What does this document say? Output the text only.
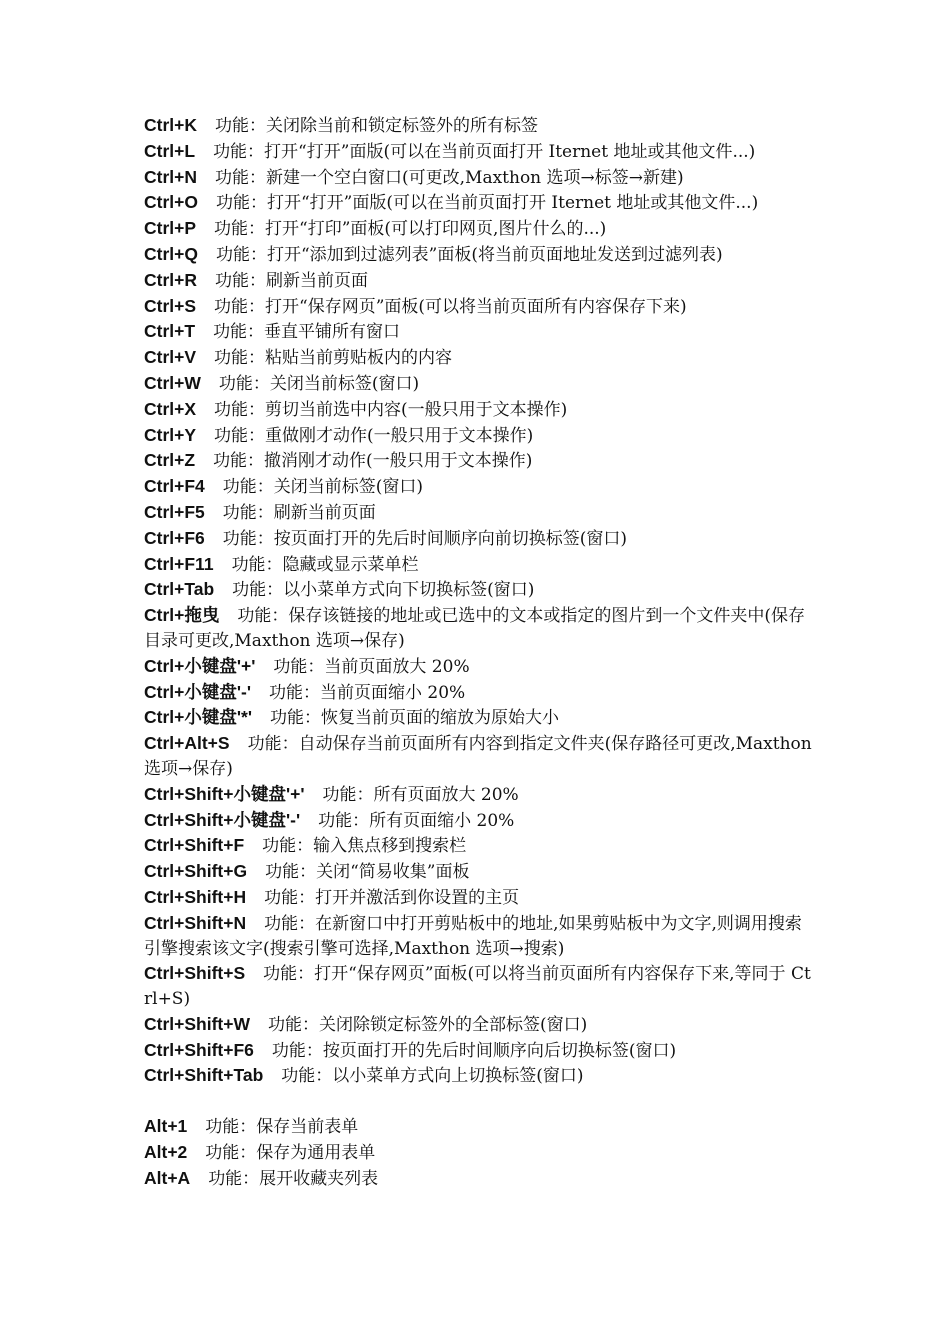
Ctrl+K 功能：关闭除当前和锁定标签外的所有标签
Ctrl+L 功能：打开“打开”面版(可以在当前页面打开 Iternet 地址或其他文件...)
Ctrl+N 功能：新建一个空白窗口(可更改,Maxthon 选项→标签→新建)
Ctrl+O 功能：打开“打开”面版(可以在当前页面打开 Iternet 地址或其他文件...)
Ctrl+P 功能：打开“打印”面板(可以打印网页,图片什么的...)
Ctrl+Q 功能：打开“添加到过滤列表”面板(将当前页面地址发送到过滤列表)
Ctrl+R 功能：刷新当前页面
Ctrl+S 功能：打开“保存网页”面板(可以将当前页面所有内容保存下来)
Ctrl+T 功能：垂直平铺所有窗口
Ctrl+V 功能：粘贴当前剪贴板内的内容
Ctrl+W 功能：关闭当前标签(窗口)
Ctrl+X 功能：剪切当前选中内容(一般只用于文本操作)
Ctrl+Y 功能：重做刚才动作(一般只用于文本操作)
Ctrl+Z 功能：撤消刚才动作(一般只用于文本操作)
Ctrl+F4 功能：关闭当前标签(窗口)
Ctrl+F5 功能：刷新当前页面
Ctrl+F6 功能：按页面打开的先后时间顺序向前切换标签(窗口)
Ctrl+F11 功能：隐藏或显示菜单栏
Ctrl+Tab 功能：以小菜单方式向下切换标签(窗口)
Ctrl+拖曳 功能：保存该链接的地址或已选中的文本或指定的图片到一个文件夹中(保存目录可更改,Maxthon 选项→保存)
Ctrl+小键盘'+' 功能：当前页面放大 20%
Ctrl+小键盘'-' 功能：当前页面缩小 20%
Ctrl+小键盘'*' 功能：恢复当前页面的缩放为原始大小
Ctrl+Alt+S 功能：自动保存当前页面所有内容到指定文件夹(保存路径可更改,Maxthon 选项→保存)
Ctrl+Shift+小键盘'+' 功能：所有页面放大 20%
Ctrl+Shift+小键盘'-' 功能：所有页面缩小 20%
Ctrl+Shift+F 功能：输入焦点移到搜索栏
Ctrl+Shift+G 功能：关闭“简易收集”面板
Ctrl+Shift+H 功能：打开并激活到你设置的主页
Ctrl+Shift+N 功能：在新窗口中打开剪贴板中的地址,如果剪贴板中为文字,则调用搜索引擎搜索该文字(搜索引擎可选择,Maxthon 选项→搜索)
Ctrl+Shift+S 功能：打开“保存网页”面板(可以将当前页面所有内容保存下来,等同于 Ctrl+S)
Ctrl+Shift+W 功能：关闭除锁定标签外的全部标签(窗口)
Ctrl+Shift+F6 功能：按页面打开的先后时间顺序向后切换标签(窗口)
Ctrl+Shift+Tab 功能：以小菜单方式向上切换标签(窗口)
Alt+1 功能：保存当前表单
Alt+2 功能：保存为通用表单
Alt+A 功能：展开收藏夹列表
